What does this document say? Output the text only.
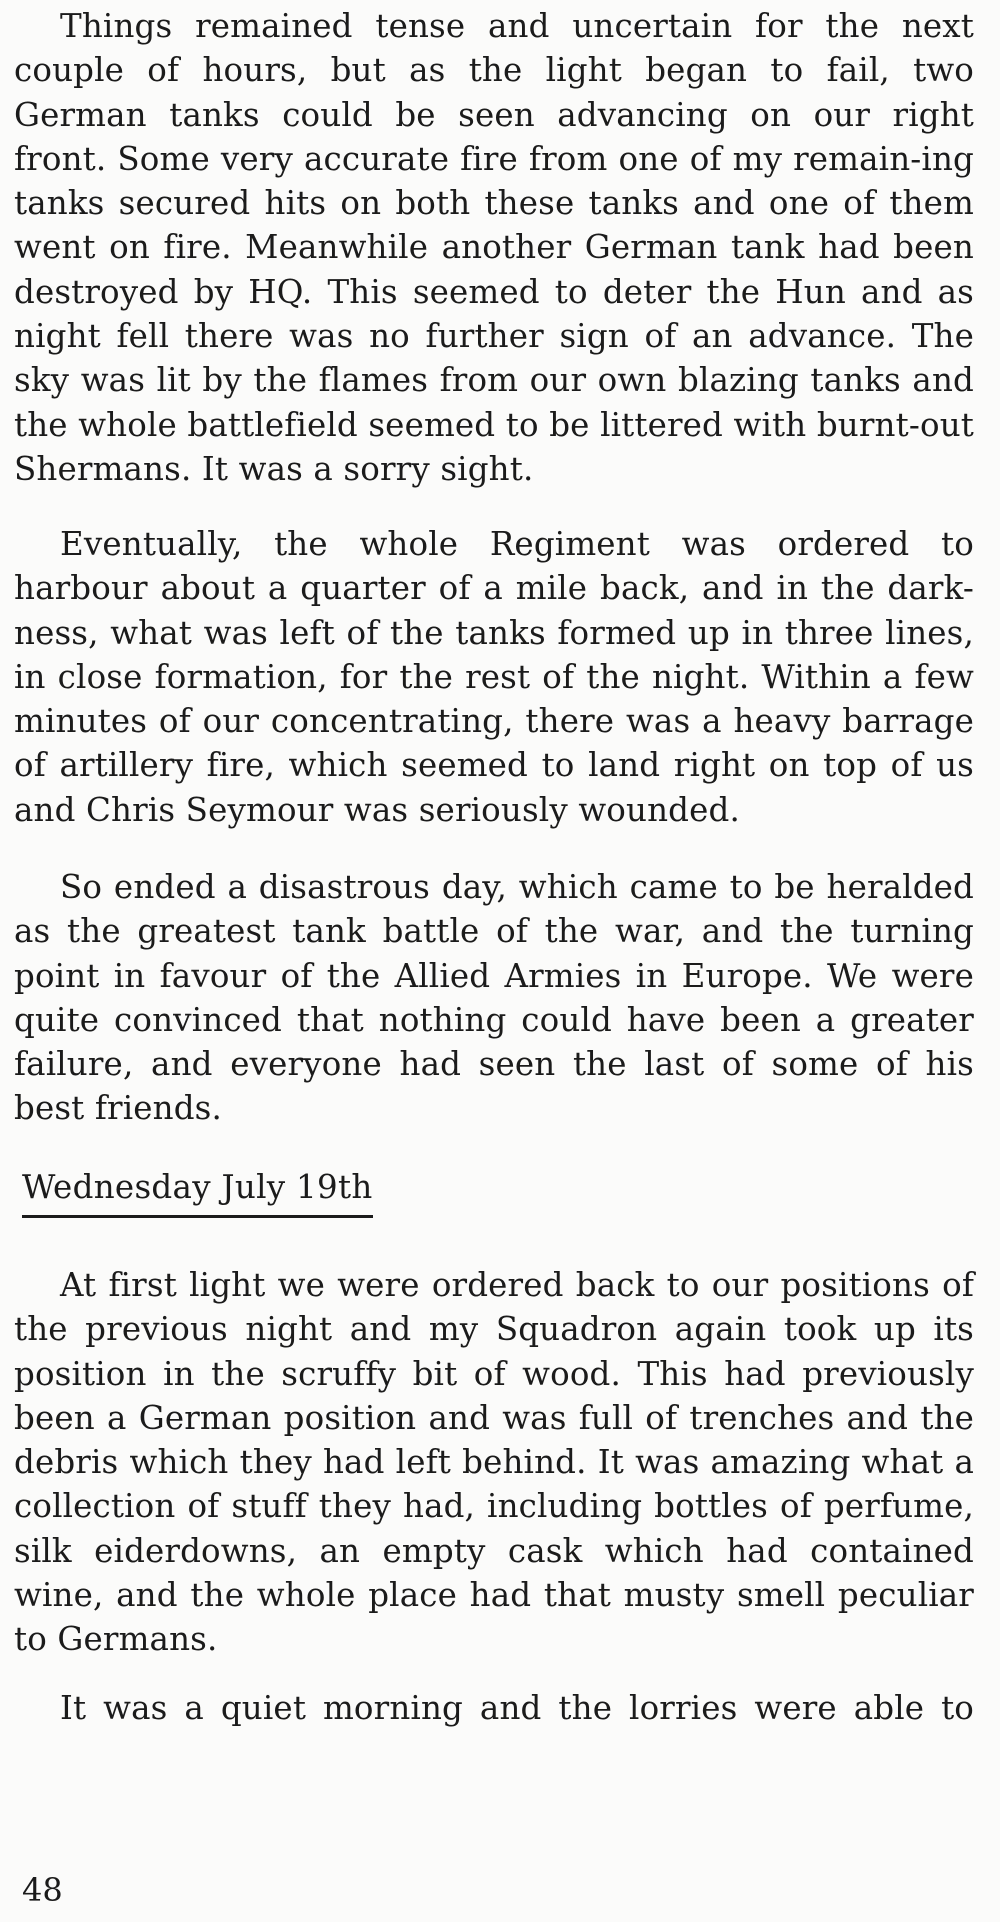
Things remained tense and uncertain for the next couple of hours, but as the light began to fail, two German tanks could be seen advancing on our right front. Some very accurate fire from one of my remain-ing tanks secured hits on both these tanks and one of them went on fire. Meanwhile another German tank had been destroyed by HQ. This seemed to deter the Hun and as night fell there was no further sign of an advance. The sky was lit by the flames from our own blazing tanks and the whole battlefield seemed to be littered with burnt-out Shermans. It was a sorry sight.

Eventually, the whole Regiment was ordered to harbour about a quarter of a mile back, and in the dark-ness, what was left of the tanks formed up in three lines, in close formation, for the rest of the night. Within a few minutes of our concentrating, there was a heavy barrage of artillery fire, which seemed to land right on top of us and Chris Seymour was seriously wounded.

So ended a disastrous day, which came to be heralded as the greatest tank battle of the war, and the turning point in favour of the Allied Armies in Europe. We were quite convinced that nothing could have been a greater failure, and everyone had seen the last of some of his best friends.

Wednesday July 19th

At first light we were ordered back to our positions of the previous night and my Squadron again took up its position in the scruffy bit of wood. This had previously been a German position and was full of trenches and the debris which they had left behind. It was amazing what a collection of stuff they had, including bottles of perfume, silk eiderdowns, an empty cask which had contained wine, and the whole place had that musty smell peculiar to Germans.

It was a quiet morning and the lorries were able to

48
